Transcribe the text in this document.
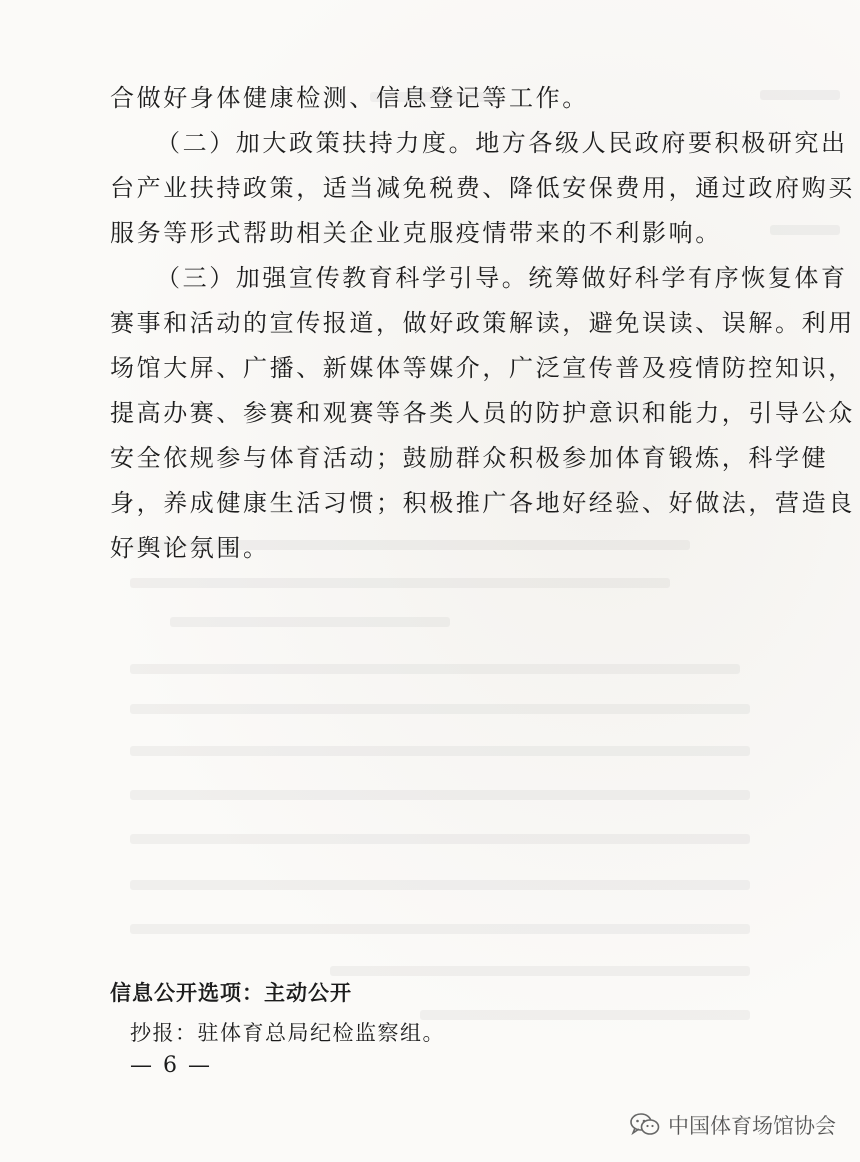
合做好身体健康检测、信息登记等工作。
（二）加大政策扶持力度。地方各级人民政府要积极研究出
台产业扶持政策，适当减免税费、降低安保费用，通过政府购买
服务等形式帮助相关企业克服疫情带来的不利影响。
（三）加强宣传教育科学引导。统筹做好科学有序恢复体育
赛事和活动的宣传报道，做好政策解读，避免误读、误解。利用
场馆大屏、广播、新媒体等媒介，广泛宣传普及疫情防控知识，
提高办赛、参赛和观赛等各类人员的防护意识和能力，引导公众
安全依规参与体育活动；鼓励群众积极参加体育锻炼，科学健
身，养成健康生活习惯；积极推广各地好经验、好做法，营造良
好舆论氛围。
信息公开选项：主动公开
抄报：驻体育总局纪检监察组。
— 6 —
中国体育场馆协会
